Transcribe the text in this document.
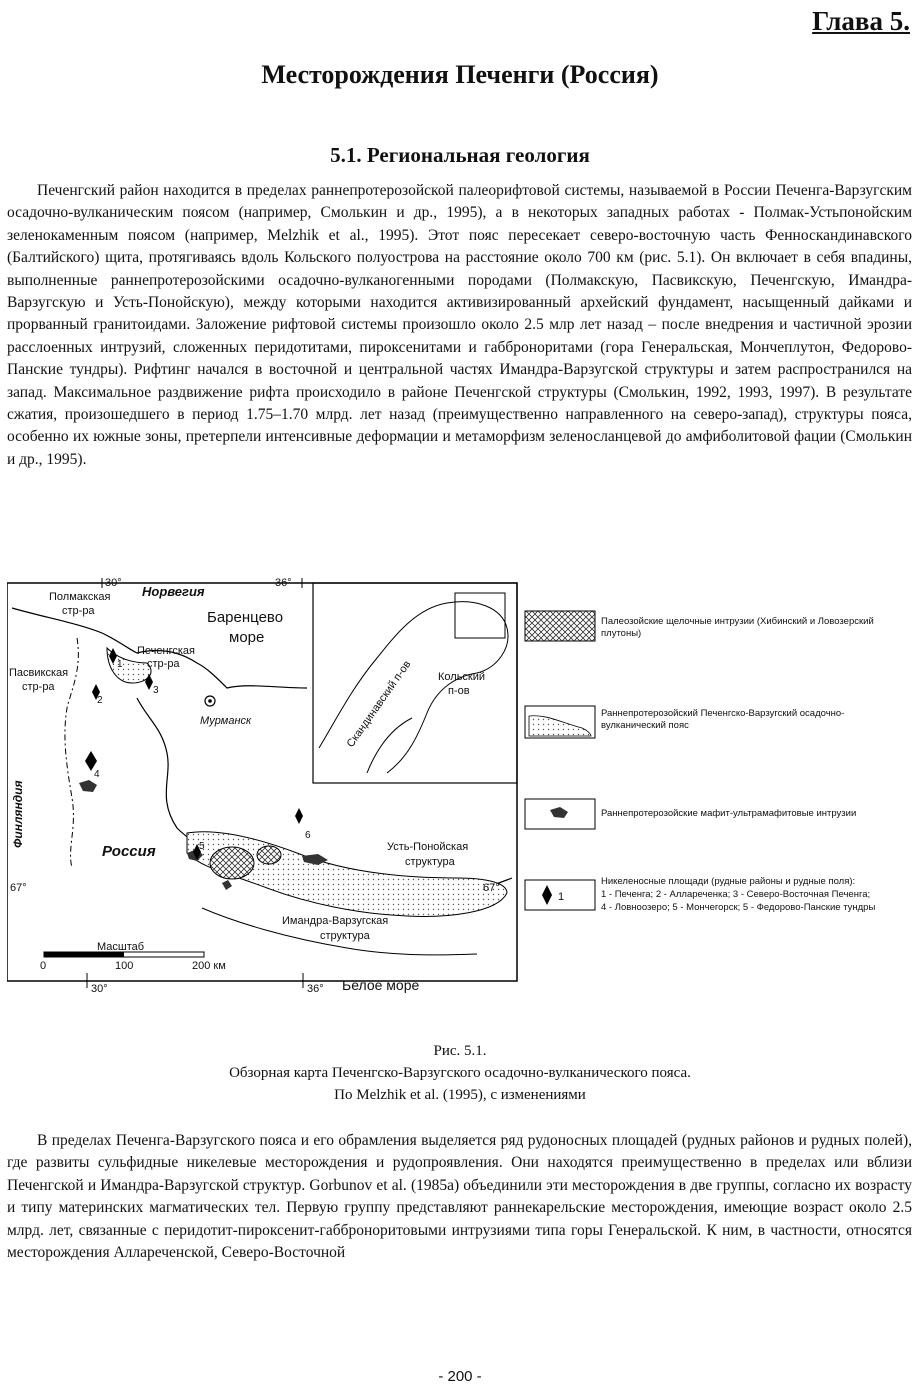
Глава 5.
Месторождения Печенги (Россия)
5.1. Региональная геология
Печенгский район находится в пределах раннепротерозойской палеорифтовой системы, называемой в России Печенга-Варзугским осадочно-вулканическим поясом (например, Смолькин и др., 1995), а в некоторых западных работах - Полмак-Устьпонойским зеленокаменным поясом (например, Melzhik et al., 1995). Этот пояс пересекает северо-восточную часть Фенноскандинавского (Балтийского) щита, протягиваясь вдоль Кольского полуострова на расстояние около 700 км (рис. 5.1). Он включает в себя впадины, выполненные раннепротерозойскими осадочно-вулканогенными породами (Полмакскую, Пасвикскую, Печенгскую, Имандра-Варзугскую и Усть-Понойскую), между которыми находится активизированный архейский фундамент, насыщенный дайками и прорванный гранитоидами. Заложение рифтовой системы произошло около 2.5 млр лет назад – после внедрения и частичной эрозии расслоенных интрузий, сложенных перидотитами, пироксенитами и габброноритами (гора Генеральская, Мончеплутон, Федорово-Панские тундры). Рифтинг начался в восточной и центральной частях Имандра-Варзугской структуры и затем распространился на запад. Максимальное раздвижение рифта происходило в районе Печенгской структуры (Смолькин, 1992, 1993, 1997). В результате сжатия, произошедшего в период 1.75–1.70 млрд. лет назад (преимущественно направленного на северо-запад), структуры пояса, особенно их южные зоны, претерпели интенсивные деформации и метаморфизм зеленосланцевой до амфиболитовой фации (Смолькин и др., 1995).
30°	36°
67°	67°
Норвегия
Полмакская
стр-ра	Баренцево
море
Печенгская
стр-ра
Пасвикская
стр-ра
Мурманск
Финляндия
Россия	Усть-Понойская
структура
Имандра-Варзугская
структура
Масштаб
0	100	200 км
30°	36° Белое море
Скандинавский п-ов Кольский
п-ов
1
2
3
4
5
6
1
Палеозойские щелочные интрузии (Хибинский и Ловозерский плутоны)
Раннепротерозойский Печенгско-Варзугский осадочно-вулканический пояс
Раннепротерозойские мафит-ультрамафитовые интрузии
Никеленосные площади (рудные районы и рудные поля):
1 - Печенга; 2 - Аллареченка; 3 - Северо-Восточная Печенга;
4 - Ловноозеро; 5 - Мончегорск; 5 - Федорово-Панские тундры
Рис. 5.1.
Обзорная карта Печенгско-Варзугского осадочно-вулканического пояса.
По Melzhik et al. (1995), с изменениями
В пределах Печенга-Варзугского пояса и его обрамления выделяется ряд рудоносных площадей (рудных районов и рудных полей), где развиты сульфидные никелевые месторождения и рудопроявления. Они находятся преимущественно в пределах или вблизи Печенгской и Имандра-Варзугской структур. Gorbunov et al. (1985a) объединили эти месторождения в две группы, согласно их возрасту и типу материнских магматических тел. Первую группу представляют раннекарельские месторождения, имеющие возраст около 2.5 млрд. лет, связанные с перидотит-пироксенит-габброноритовыми интрузиями типа горы Генеральской. К ним, в частности, относятся месторождения Аллареченской, Северо-Восточной
- 200 -
